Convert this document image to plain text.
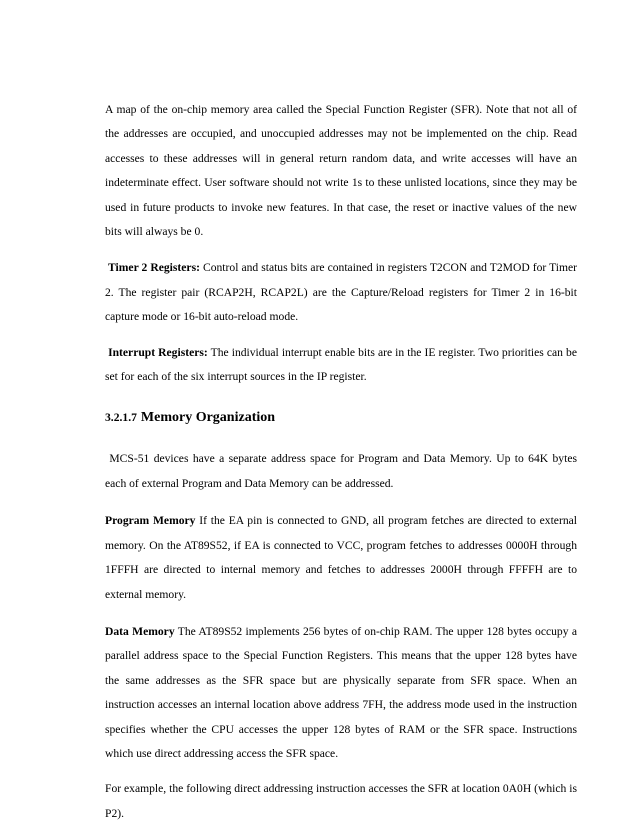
A map of the on-chip memory area called the Special Function Register (SFR). Note that not all of the addresses are occupied, and unoccupied addresses may not be implemented on the chip. Read accesses to these addresses will in general return random data, and write accesses will have an indeterminate effect. User software should not write 1s to these unlisted locations, since they may be used in future products to invoke new features. In that case, the reset or inactive values of the new bits will always be 0.

Timer 2 Registers: Control and status bits are contained in registers T2CON and T2MOD for Timer 2. The register pair (RCAP2H, RCAP2L) are the Capture/Reload registers for Timer 2 in 16-bit capture mode or 16-bit auto-reload mode.

Interrupt Registers: The individual interrupt enable bits are in the IE register. Two priorities can be set for each of the six interrupt sources in the IP register.

3.2.1.7 Memory Organization

MCS-51 devices have a separate address space for Program and Data Memory. Up to 64K bytes each of external Program and Data Memory can be addressed.

Program Memory If the EA pin is connected to GND, all program fetches are directed to external memory. On the AT89S52, if EA is connected to VCC, program fetches to addresses 0000H through 1FFFH are directed to internal memory and fetches to addresses 2000H through FFFFH are to external memory.

Data Memory The AT89S52 implements 256 bytes of on-chip RAM. The upper 128 bytes occupy a parallel address space to the Special Function Registers. This means that the upper 128 bytes have the same addresses as the SFR space but are physically separate from SFR space. When an instruction accesses an internal location above address 7FH, the address mode used in the instruction specifies whether the CPU accesses the upper 128 bytes of RAM or the SFR space. Instructions which use direct addressing access the SFR space.

For example, the following direct addressing instruction accesses the SFR at location 0A0H (which is P2).
